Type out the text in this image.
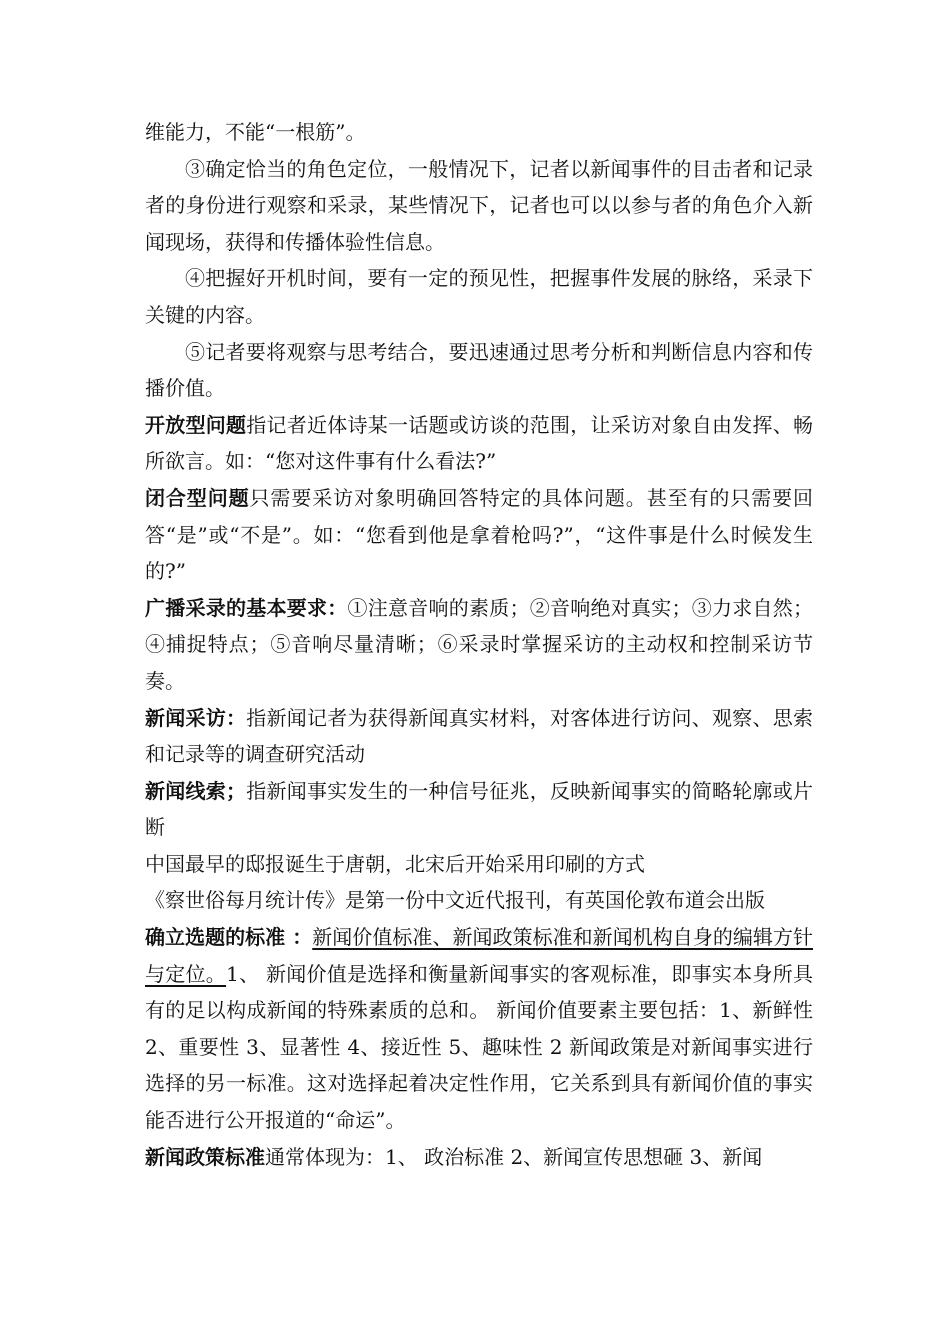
维能力，不能“一根筋”。

③确定恰当的角色定位，一般情况下，记者以新闻事件的目击者和记录者的身份进行观察和采录，某些情况下，记者也可以以参与者的角色介入新闻现场，获得和传播体验性信息。

④把握好开机时间，要有一定的预见性，把握事件发展的脉络，采录下关键的内容。

⑤记者要将观察与思考结合，要迅速通过思考分析和判断信息内容和传播价值。

开放型问题指记者近体诗某一话题或访谈的范围，让采访对象自由发挥、畅所欲言。如：“您对这件事有什么看法?”

闭合型问题只需要采访对象明确回答特定的具体问题。甚至有的只需要回答“是”或“不是”。如：“您看到他是拿着枪吗?”，“这件事是什么时候发生的?”

广播采录的基本要求：①注意音响的素质；②音响绝对真实；③力求自然；④捕捉特点；⑤音响尽量清晰；⑥采录时掌握采访的主动权和控制采访节奏。

新闻采访：指新闻记者为获得新闻真实材料，对客体进行访问、观察、思索和记录等的调查研究活动

新闻线索；指新闻事实发生的一种信号征兆，反映新闻事实的简略轮廓或片断

中国最早的邸报诞生于唐朝，北宋后开始采用印刷的方式

《察世俗每月统计传》是第一份中文近代报刊，有英国伦敦布道会出版

确立选题的标准 ：新闻价值标准、新闻政策标准和新闻机构自身的编辑方针与定位。1、 新闻价值是选择和衡量新闻事实的客观标准，即事实本身所具有的足以构成新闻的特殊素质的总和。 新闻价值要素主要包括：1、新鲜性 2、重要性 3、显著性 4、接近性 5、趣味性 2 新闻政策是对新闻事实进行选择的另一标准。这对选择起着决定性作用，它关系到具有新闻价值的事实能否进行公开报道的“命运”。

新闻政策标准通常体现为：1、 政治标准 2、新闻宣传思想砸 3、新闻
